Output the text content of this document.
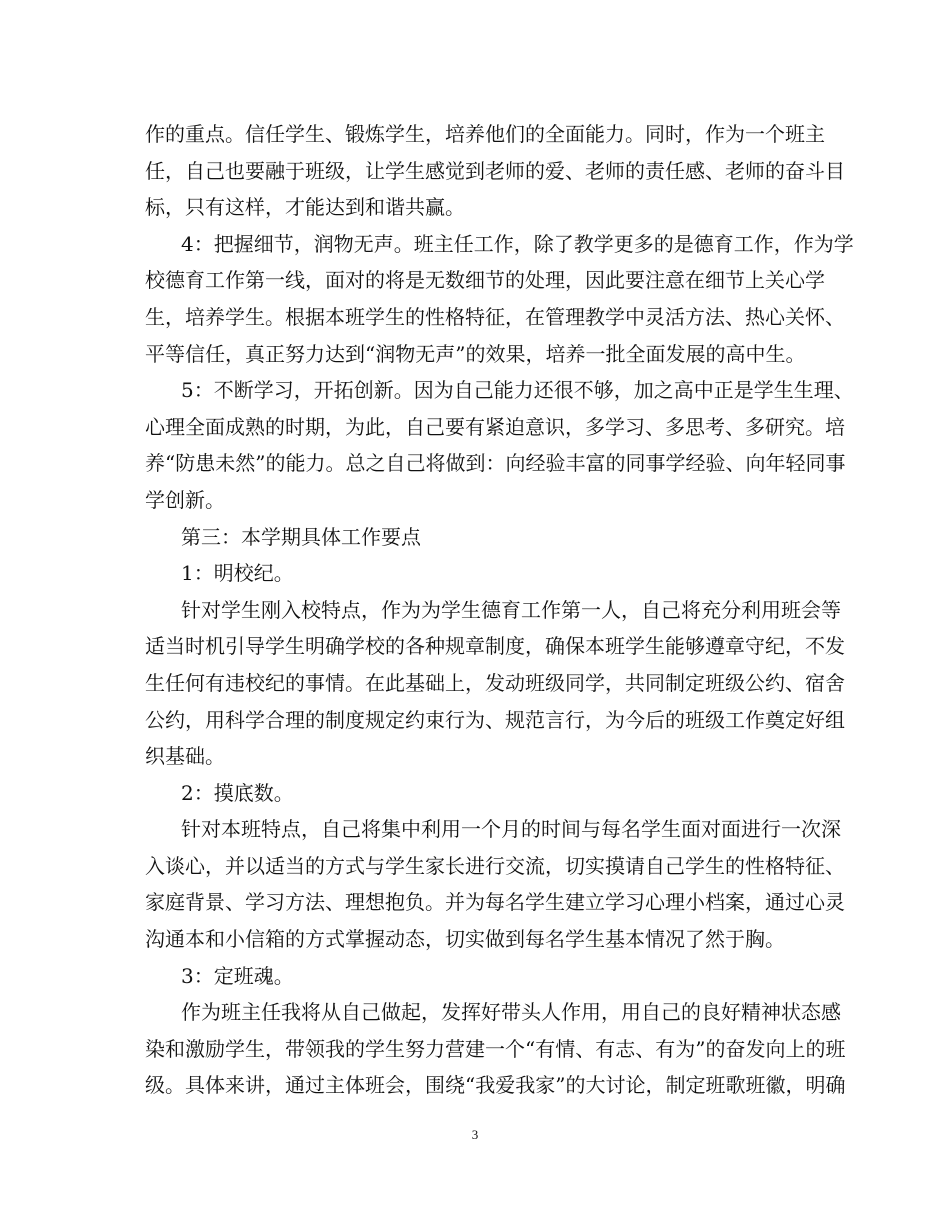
作的重点。信任学生、锻炼学生，培养他们的全面能力。同时，作为一个班主
任，自己也要融于班级，让学生感觉到老师的爱、老师的责任感、老师的奋斗目
标，只有这样，才能达到和谐共赢。
4：把握细节，润物无声。班主任工作，除了教学更多的是德育工作，作为学
校德育工作第一线，面对的将是无数细节的处理，因此要注意在细节上关心学
生，培养学生。根据本班学生的性格特征，在管理教学中灵活方法、热心关怀、
平等信任，真正努力达到“润物无声”的效果，培养一批全面发展的高中生。
5：不断学习，开拓创新。因为自己能力还很不够，加之高中正是学生生理、
心理全面成熟的时期，为此，自己要有紧迫意识，多学习、多思考、多研究。培
养“防患未然”的能力。总之自己将做到：向经验丰富的同事学经验、向年轻同事
学创新。
第三：本学期具体工作要点
1：明校纪。
针对学生刚入校特点，作为为学生德育工作第一人，自己将充分利用班会等
适当时机引导学生明确学校的各种规章制度，确保本班学生能够遵章守纪，不发
生任何有违校纪的事情。在此基础上，发动班级同学，共同制定班级公约、宿舍
公约，用科学合理的制度规定约束行为、规范言行，为今后的班级工作奠定好组
织基础。
2：摸底数。
针对本班特点，自己将集中利用一个月的时间与每名学生面对面进行一次深
入谈心，并以适当的方式与学生家长进行交流，切实摸请自己学生的性格特征、
家庭背景、学习方法、理想抱负。并为每名学生建立学习心理小档案，通过心灵
沟通本和小信箱的方式掌握动态，切实做到每名学生基本情况了然于胸。
3：定班魂。
作为班主任我将从自己做起，发挥好带头人作用，用自己的良好精神状态感
染和激励学生，带领我的学生努力营建一个“有情、有志、有为”的奋发向上的班
级。具体来讲，通过主体班会，围绕“我爱我家”的大讨论，制定班歌班徽，明确
3
